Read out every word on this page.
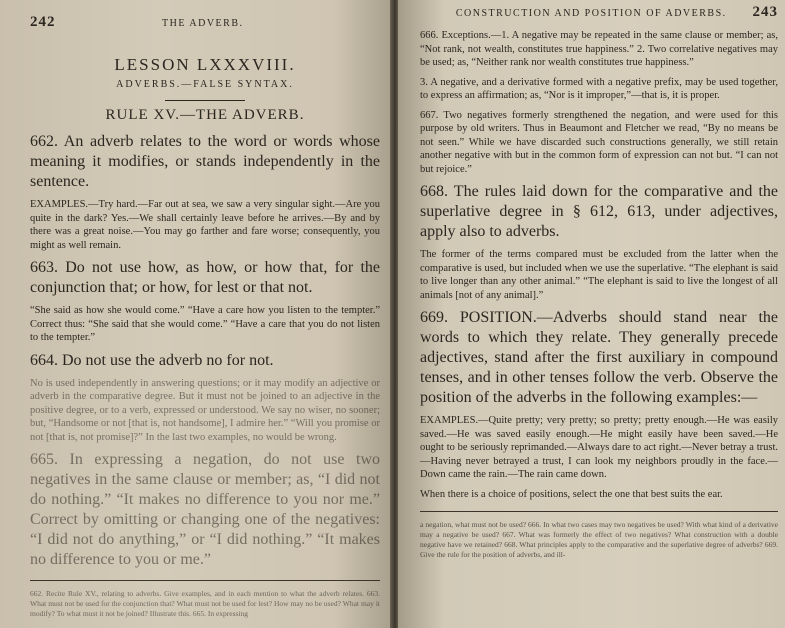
242	THE ADVERB.
LESSON LXXXVIII.
ADVERBS.—FALSE SYNTAX.
RULE XV.—THE ADVERB.

662. An adverb relates to the word or words whose meaning it modifies, or stands independently in the sentence.

EXAMPLES.—Try hard.—Far out at sea, we saw a very singular sight.—Are you quite in the dark? Yes.—We shall certainly leave before he arrives.—By and by there was a great noise.—You may go farther and fare worse; consequently, you might as well remain.

663. Do not use how, as how, or how that, for the conjunction that; or how, for lest or that not.

“She said as how she would come.” “Have a care how you listen to the tempter.” Correct thus: “She said that she would come.” “Have a care that you do not listen to the tempter.”

664. Do not use the adverb no for not.

No is used independently in answering questions; or it may modify an adjective or adverb in the comparative degree. But it must not be joined to an adjective in the positive degree, or to a verb, expressed or understood. We say no wiser, no sooner; but, “Handsome or not [that is, not handsome], I admire her.” “Will you promise or not [that is, not promise]?” In the last two examples, no would be wrong.

665. In expressing a negation, do not use two negatives in the same clause or member; as, “I did not do nothing.” “It makes no difference to you nor me.” Correct by omitting or changing one of the negatives: “I did not do anything,” or “I did nothing.” “It makes no difference to you or me.”

662. Recite Rule XV., relating to adverbs. Give examples, and in each mention to what the adverb relates. 663. What must not be used for the conjunction that? What must not be used for lest? How may no be used? What may it modify? To what must it not be joined? Illustrate this. 665. In expressing

CONSTRUCTION AND POSITION OF ADVERBS. 243

666. Exceptions.—1. A negative may be repeated in the same clause or member; as, “Not rank, not wealth, constitutes true happiness.” 2. Two correlative negatives may be used; as, “Neither rank nor wealth constitutes true happiness.”

3. A negative, and a derivative formed with a negative prefix, may be used together, to express an affirmation; as, “Nor is it improper,”—that is, it is proper.

667. Two negatives formerly strengthened the negation, and were used for this purpose by old writers. Thus in Beaumont and Fletcher we read, “By no means be not seen.” While we have discarded such constructions generally, we still retain another negative with but in the common form of expression can not but. “I can not but rejoice.”

668. The rules laid down for the comparative and the superlative degree in § 612, 613, under adjectives, apply also to adverbs.

The former of the terms compared must be excluded from the latter when the comparative is used, but included when we use the superlative. “The elephant is said to live longer than any other animal.” “The elephant is said to live the longest of all animals [not of any animal].”

669. POSITION.—Adverbs should stand near the words to which they relate. They generally precede adjectives, stand after the first auxiliary in compound tenses, and in other tenses follow the verb. Observe the position of the adverbs in the following examples:—

EXAMPLES.—Quite pretty; very pretty; so pretty; pretty enough.—He was easily saved.—He was saved easily enough.—He might easily have been saved.—He ought to be seriously reprimanded.—Always dare to act right.—Never betray a trust.—Having never betrayed a trust, I can look my neighbors proudly in the face.—Down came the rain.—The rain came down.

When there is a choice of positions, select the one that best suits the ear.

a negation, what must not be used? 666. In what two cases may two negatives be used? With what kind of a derivative may a negative be used? 667. What was formerly the effect of two negatives? What construction with a double negative have we retained? 668. What principles apply to the comparative and the superlative degree of adverbs? 669. Give the rule for the position of adverbs, and ill-
